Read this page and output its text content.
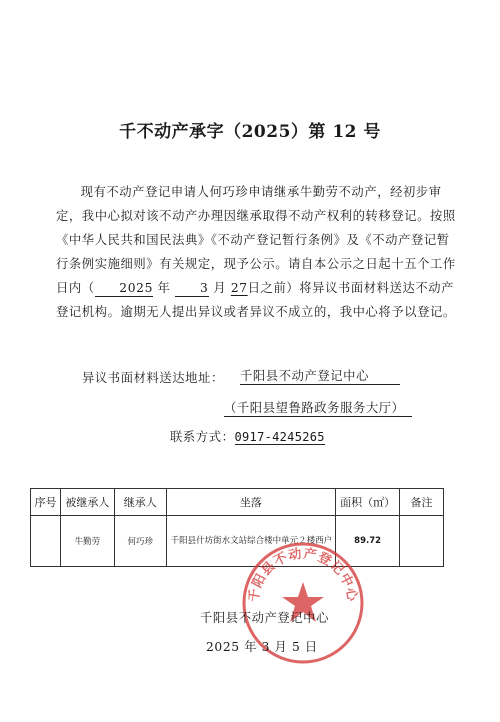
千不动产承字（2025）第 12 号

现有不动产登记申请人何巧珍申请继承牛勤劳不动产，经初步审定，我中心拟对该不动产办理因继承取得不动产权利的转移登记。按照《中华人民共和国民法典》《不动产登记暂行条例》及《不动产登记暂行条例实施细则》有关规定，现予公示。请自本公示之日起十五个工作日内（ 2025 年 3 月 27日之前）将异议书面材料送达不动产登记机构。逾期无人提出异议或者异议不成立的，我中心将予以登记。

异议书面材料送达地址： 千阳县不动产登记中心
（千阳县望鲁路政务服务大厅）
联系方式：0917-4245265
序号	被继承人	继承人	坐落	面积（㎡）	备注
	牛勤劳	何巧珍	千阳县什坊街水文站综合楼中单元２楼西户	89.72	
千阳县不动产登记中心
千阳县不动产登记中心
2025 年 3 月 5 日
